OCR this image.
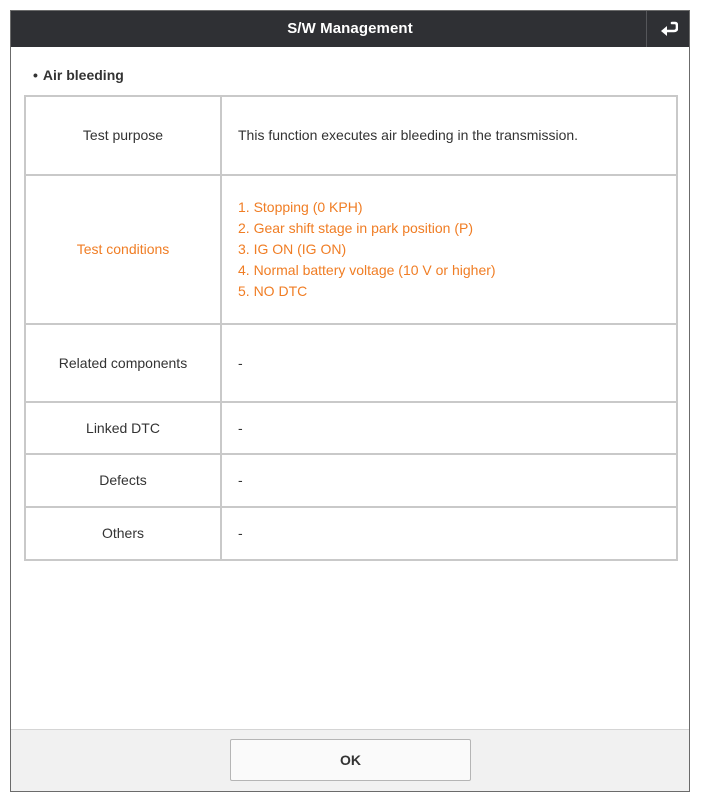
S/W Management
• Air bleeding
Test purpose	This function executes air bleeding in the transmission.
Test conditions	1. Stopping (0 KPH)
2. Gear shift stage in park position (P)
3. IG ON (IG ON)
4. Normal battery voltage (10 V or higher)
5. NO DTC

Related components	-
Linked DTC	-
Defects	-
Others	-
OK
